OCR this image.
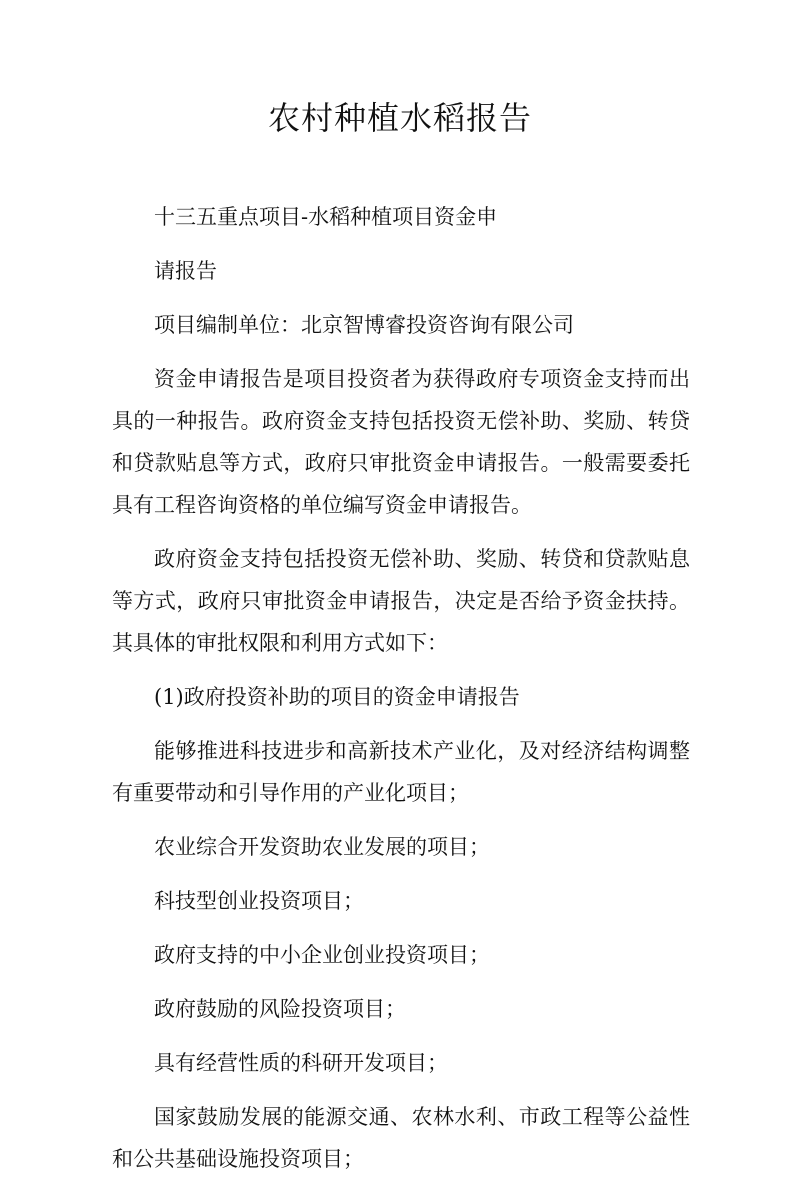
农村种植水稻报告

十三五重点项目-水稻种植项目资金申

请报告

项目编制单位：北京智博睿投资咨询有限公司

资金申请报告是项目投资者为获得政府专项资金支持而出具的一种报告。政府资金支持包括投资无偿补助、奖励、转贷和贷款贴息等方式，政府只审批资金申请报告。一般需要委托具有工程咨询资格的单位编写资金申请报告。

政府资金支持包括投资无偿补助、奖励、转贷和贷款贴息等方式，政府只审批资金申请报告，决定是否给予资金扶持。其具体的审批权限和利用方式如下：

(1)政府投资补助的项目的资金申请报告

能够推进科技进步和高新技术产业化，及对经济结构调整有重要带动和引导作用的产业化项目；

农业综合开发资助农业发展的项目；

科技型创业投资项目；

政府支持的中小企业创业投资项目；

政府鼓励的风险投资项目；

具有经营性质的科研开发项目；

国家鼓励发展的能源交通、农林水利、市政工程等公益性和公共基础设施投资项目；
